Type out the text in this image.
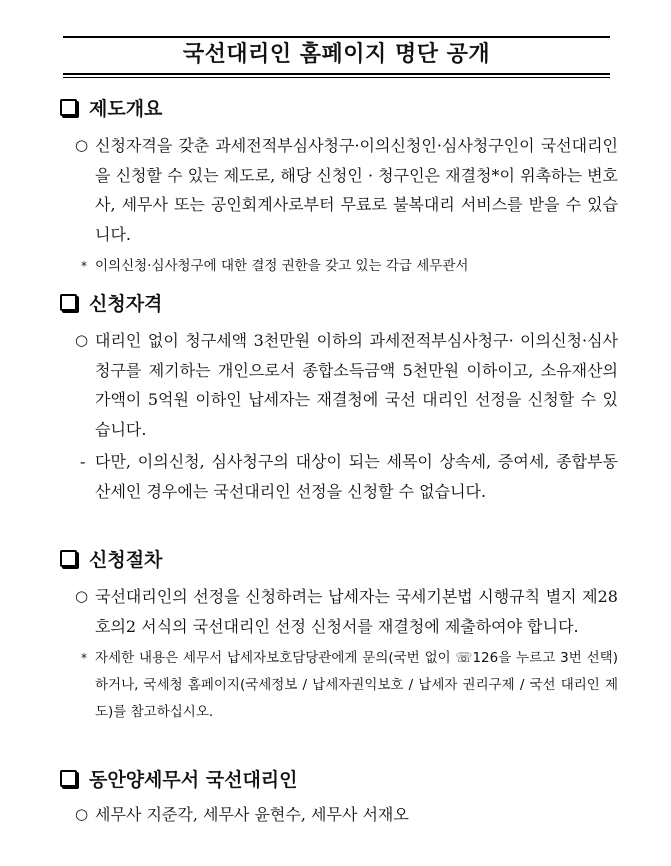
국선대리인 홈페이지 명단 공개
제도개요
○ 신청자격을 갖춘 과세전적부심사청구·이의신청인·심사청구인이 국선대리인을 신청할 수 있는 제도로, 해당 신청인 · 청구인은 재결청*이 위촉하는 변호사, 세무사 또는 공인회계사로부터 무료로 불복대리 서비스를 받을 수 있습니다.
* 이의신청·심사청구에 대한 결정 권한을 갖고 있는 각급 세무관서
신청자격
○ 대리인 없이 청구세액 3천만원 이하의 과세전적부심사청구· 이의신청·심사청구를 제기하는 개인으로서 종합소득금액 5천만원 이하이고, 소유재산의 가액이 5억원 이하인 납세자는 재결청에 국선 대리인 선정을 신청할 수 있습니다.
- 다만, 이의신청, 심사청구의 대상이 되는 세목이 상속세, 증여세, 종합부동산세인 경우에는 국선대리인 선정을 신청할 수 없습니다.
신청절차
○ 국선대리인의 선정을 신청하려는 납세자는 국세기본법 시행규칙 별지 제28호의2 서식의 국선대리인 선정 신청서를 재결청에 제출하여야 합니다.
* 자세한 내용은 세무서 납세자보호담당관에게 문의(국번 없이 ☏126을 누르고 3번 선택)하거나, 국세청 홈페이지(국세정보 / 납세자권익보호 / 납세자 권리구제 / 국선 대리인 제도)를 참고하십시오.
동안양세무서 국선대리인
○ 세무사 지준각, 세무사 윤현수, 세무사 서재오
